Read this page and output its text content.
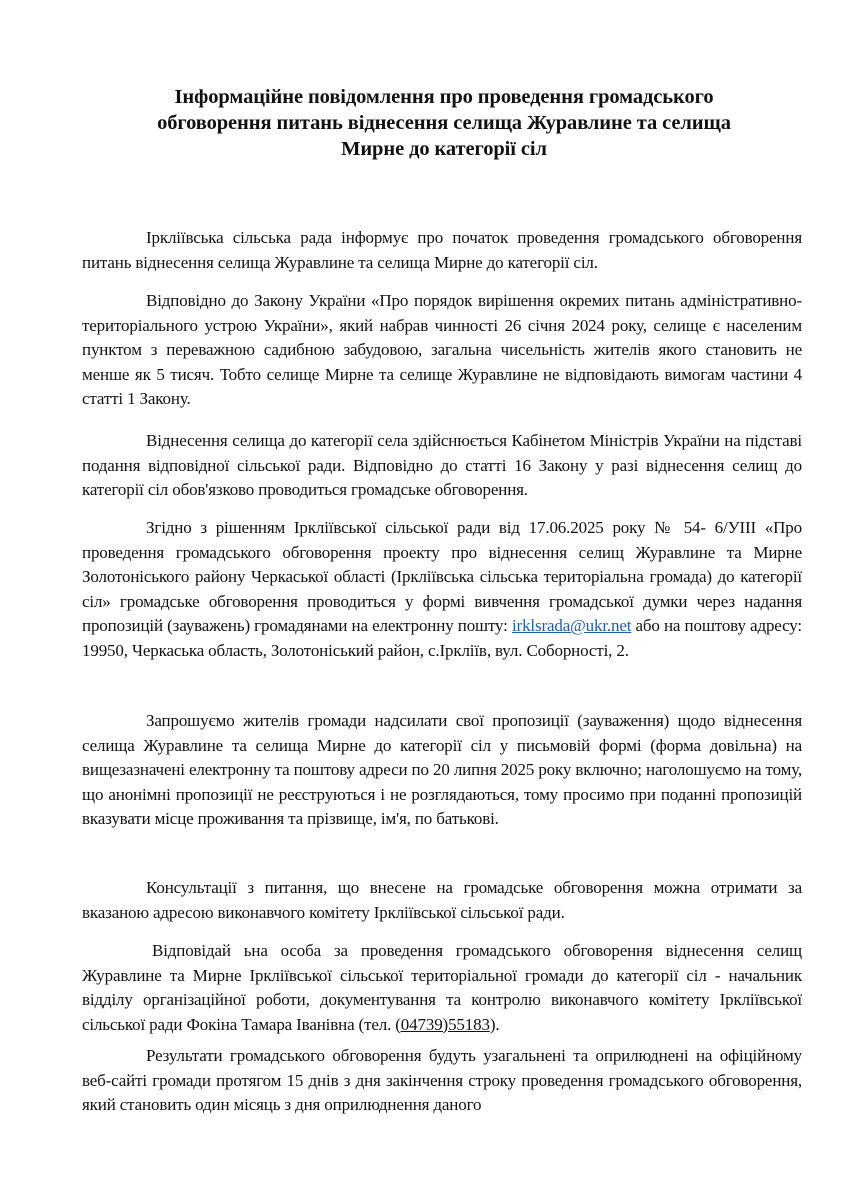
Інформаційне повідомлення про проведення громадського
обговорення питань віднесення селища Журавлине та селища
Мирне до категорії сіл

Ірклiївська сільська рада інформує про початок проведення громадського обговорення питань віднесення селища Журавлине та селища Мирне до категорії сіл.

Відповідно до Закону України «Про порядок вирішення окремих питань адміністративно-територіального устрою України», який набрав чинності 26 січня 2024 року, селище є населеним пунктом з переважною садибною забудовою, загальна чисельність жителів якого становить не менше як 5 тисяч. Тобто селище Мирне та селище Журавлине не відповідають вимогам частини 4 статті 1 Закону.

Віднесення селища до категорії села здійснюється Кабінетом Міністрів України на підставі подання відповідної сільської ради. Відповідно до статті 16 Закону у разі віднесення селищ до категорії сіл обов'язково проводиться громадське обговорення.

Згідно з рішенням Ірклiївської сільської ради від 17.06.2025 року № 54- 6/УIII «Про проведення громадського обговорення проекту про віднесення селищ Журавлине та Мирне Золотоніського району Черкаської області (Ірклiївська сільська територіальна громада) до категорії сіл» громадське обговорення проводиться у формі вивчення громадської думки через надання пропозицій (зауважень) громадянами на електронну пошту: irklsrada@ukr.net або на поштову адресу: 19950, Черкаська область, Золотоніський район, с.Ірклiїв, вул. Соборності, 2.

Запрошуємо жителів громади надсилати свої пропозиції (зауваження) щодо віднесення селища Журавлине та селища Мирне до категорії сіл у письмовій формі (форма довільна) на вищезазначені електронну та поштову адреси по 20 липня 2025 року включно; наголошуємо на тому, що анонімні пропозиції не реєструються і не розглядаються, тому просимо при поданні пропозицій вказувати місце проживання та прізвище, ім'я, по батькові.

Консультації з питання, що внесене на громадське обговорення можна отримати за вказаною адресою виконавчого комітету Ірклiївської сільської ради.

Відповідай ьна особа за проведення громадського обговорення віднесення селищ Журавлине та Мирне Ірклiївської сільської територіальної громади до категорії сіл - начальник відділу організаційної роботи, документування та контролю виконавчого комітету Ірклiївської сільської ради Фокіна Тамара Іванівна (тел. (04739)55183).

Результати громадського обговорення будуть узагальнені та оприлюднені на офіційному веб-сайті громади протягом 15 днів з дня закінчення строку проведення громадського обговорення, який становить один місяць з дня оприлюднення даного
